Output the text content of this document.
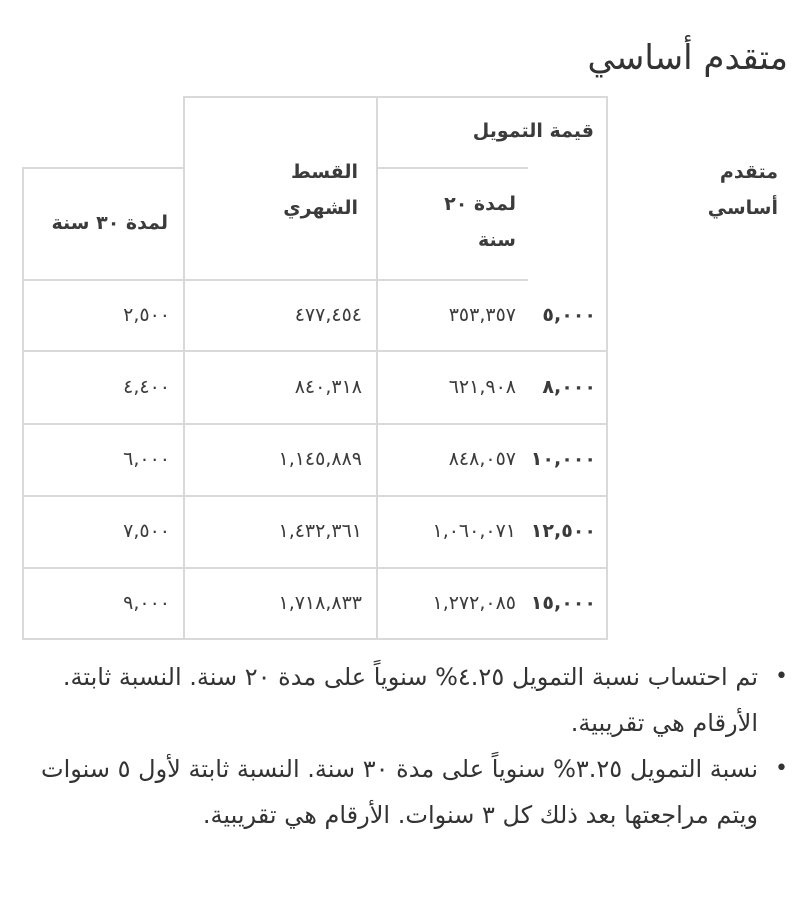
متقدم أساسي
قيمة التمويل
متقدم أساسي
القسط الشهري	لمدة ٢٠ سنة
لمدة ٣٠ سنة
٥,٠٠٠
٣٥٣,٣٥٧
٤٧٧,٤٥٤
٢,٥٠٠
٨,٠٠٠
٦٢١,٩٠٨
٨٤٠,٣١٨
٤,٤٠٠
١٠,٠٠٠
٨٤٨,٠٥٧
١,١٤٥,٨٨٩
٦,٠٠٠
١٢,٥٠٠
١,٠٦٠,٠٧١
١,٤٣٢,٣٦١
٧,٥٠٠
١٥,٠٠٠
١,٢٧٢,٠٨٥
١,٧١٨,٨٣٣
٩,٠٠٠
•
تم احتساب نسبة التمويل ٤.٢٥% سنوياً على مدة ٢٠ سنة. النسبة ثابتة. الأرقام هي تقريبية.
•
نسبة التمويل ٣.٢٥% سنوياً على مدة ٣٠ سنة. النسبة ثابتة لأول ٥ سنوات ويتم مراجعتها بعد ذلك كل ٣ سنوات. الأرقام هي تقريبية.
